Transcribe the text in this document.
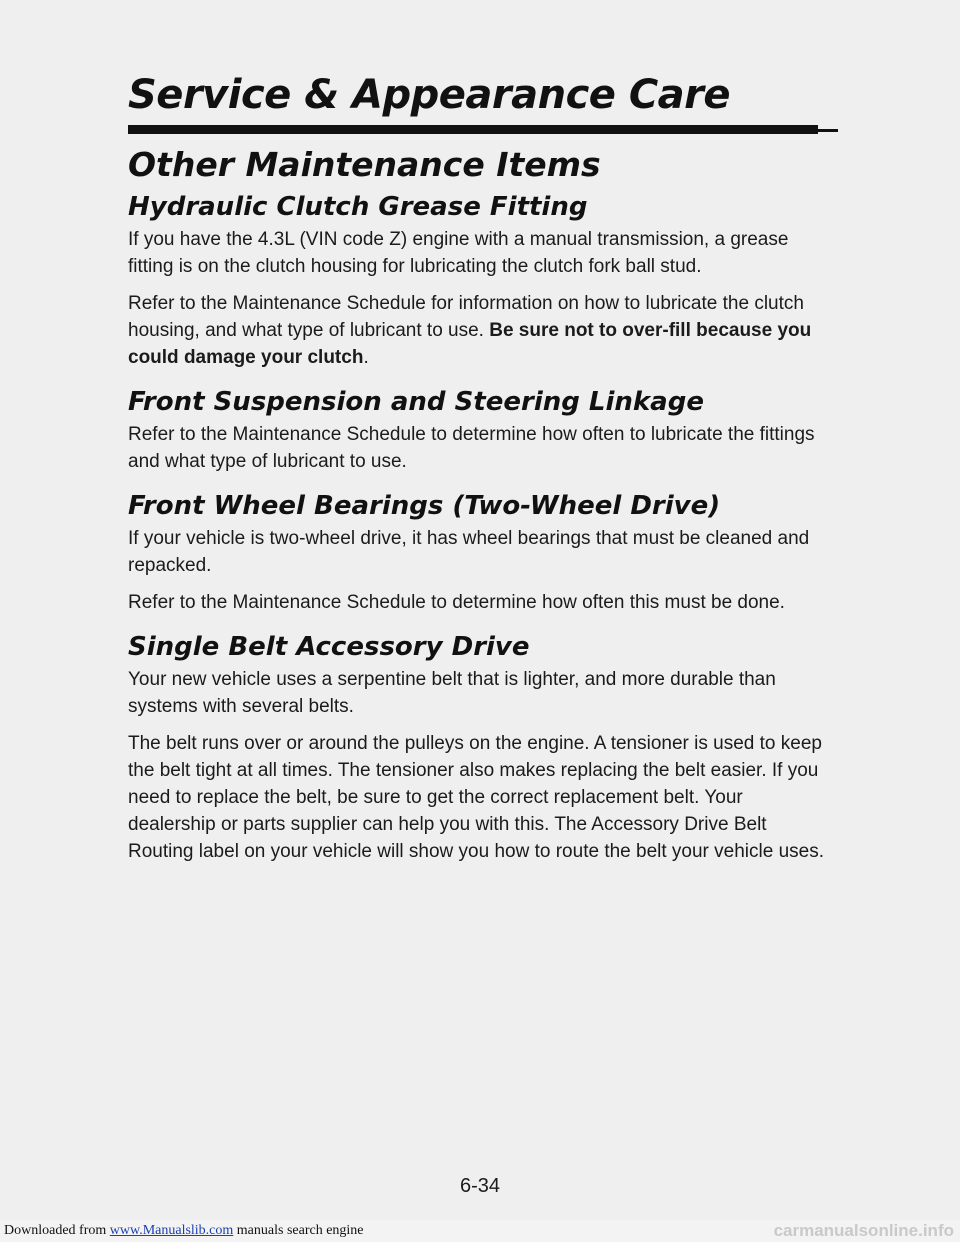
Service & Appearance Care
Other Maintenance Items
Hydraulic Clutch Grease Fitting

If you have the 4.3L (VIN code Z) engine with a manual transmission, a grease fitting is on the clutch housing for lubricating the clutch fork ball stud.

Refer to the Maintenance Schedule for information on how to lubricate the clutch housing, and what type of lubricant to use. Be sure not to over-fill because you could damage your clutch.

Front Suspension and Steering Linkage

Refer to the Maintenance Schedule to determine how often to lubricate the fittings and what type of lubricant to use.

Front Wheel Bearings (Two-Wheel Drive)

If your vehicle is two-wheel drive, it has wheel bearings that must be cleaned and repacked.

Refer to the Maintenance Schedule to determine how often this must be done.

Single Belt Accessory Drive

Your new vehicle uses a serpentine belt that is lighter, and more durable than systems with several belts.

The belt runs over or around the pulleys on the engine. A tensioner is used to keep the belt tight at all times. The tensioner also makes replacing the belt easier. If you need to replace the belt, be sure to get the correct replacement belt. Your dealership or parts supplier can help you with this. The Accessory Drive Belt Routing label on your vehicle will show you how to route the belt your vehicle uses.

6-34
Downloaded from www.Manualslib.com manuals search engine	carmanualsonline.info
